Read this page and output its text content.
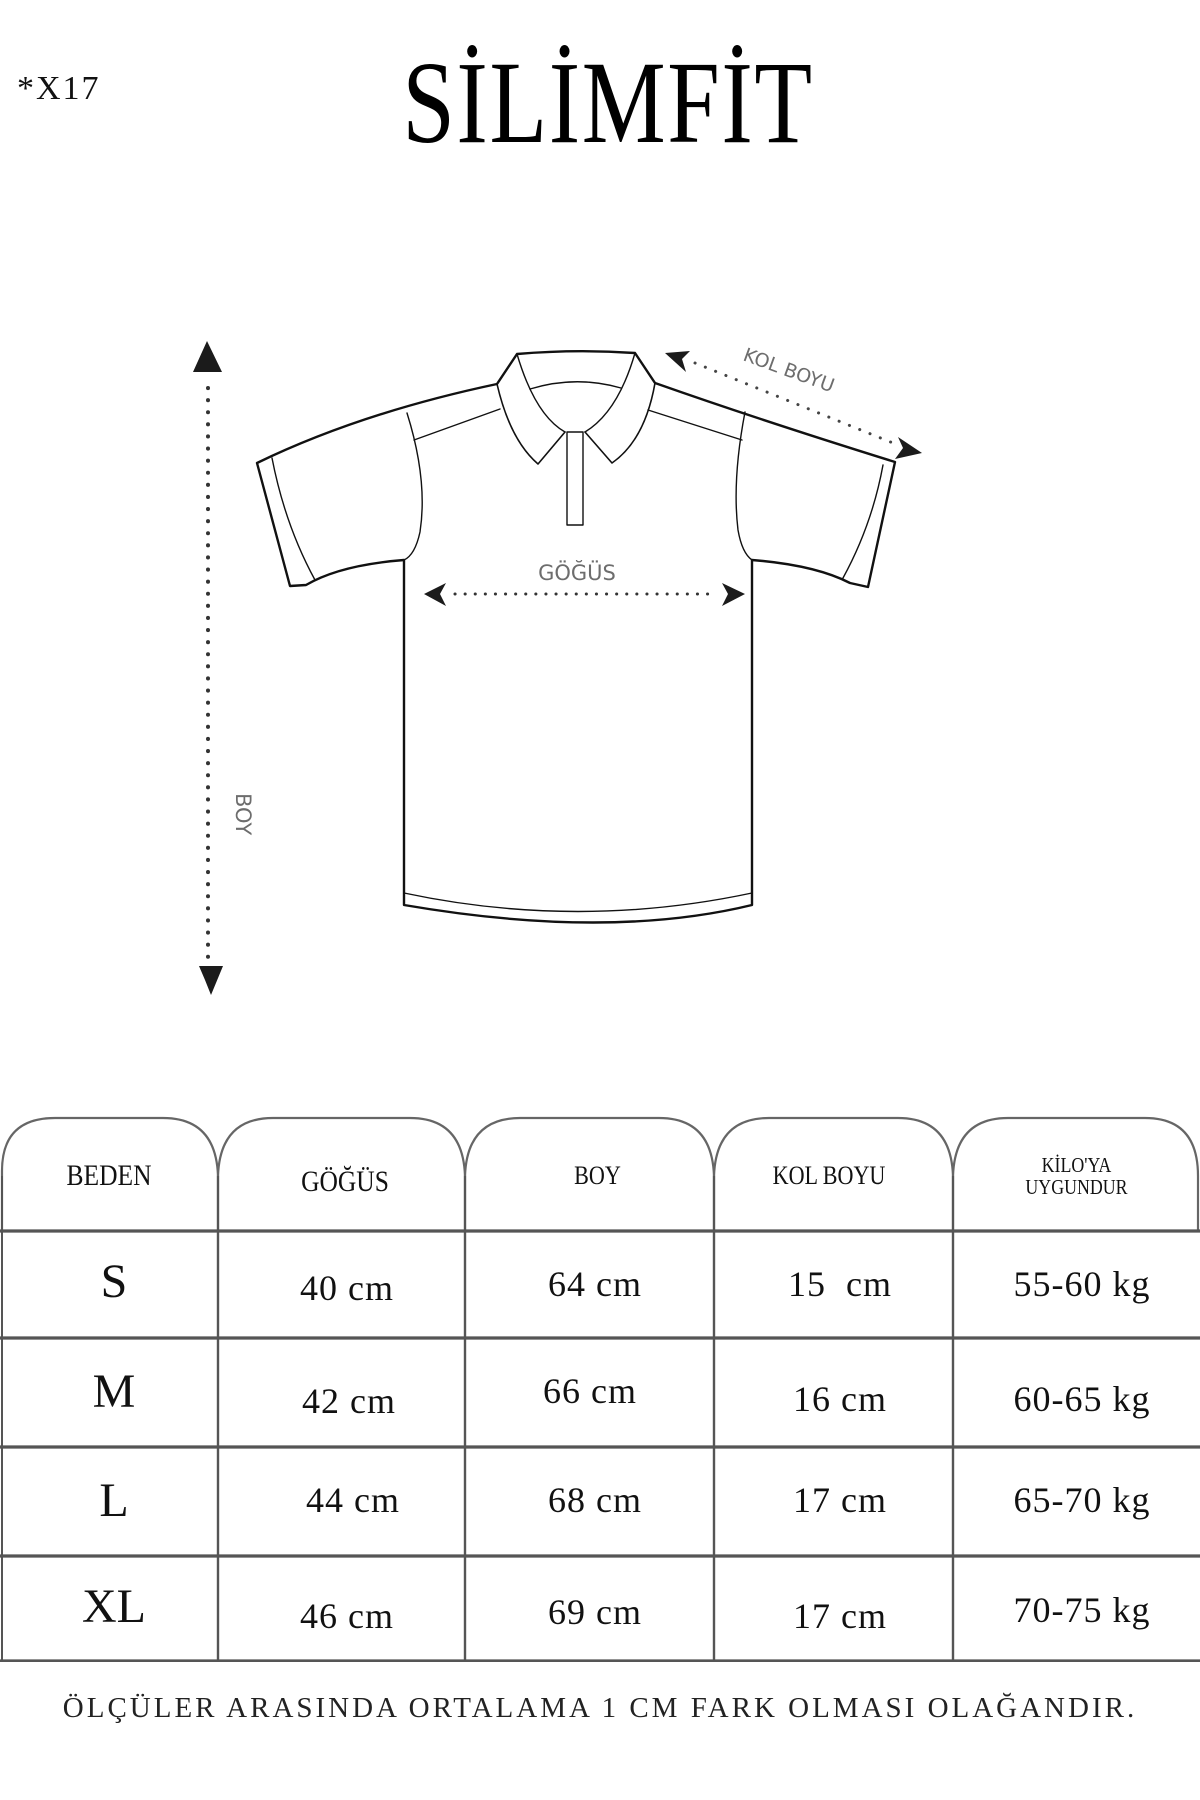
*X17	SİLİMFİT
BOY
GÖĞÜS
KOL BOYU
BEDEN	GÖĞÜS	BOY	KOL BOYU	KİLO'YA
UYGUNDUR
S	40 cm	64 cm	15  cm	55-60 kg
M	42 cm	66 cm	16 cm	60-65 kg
L	44 cm	68 cm	17 cm	65-70 kg
XL	46 cm	69 cm	17 cm	70-75 kg
ÖLÇÜLER ARASINDA ORTALAMA 1 CM FARK OLMASI OLAĞANDIR.
